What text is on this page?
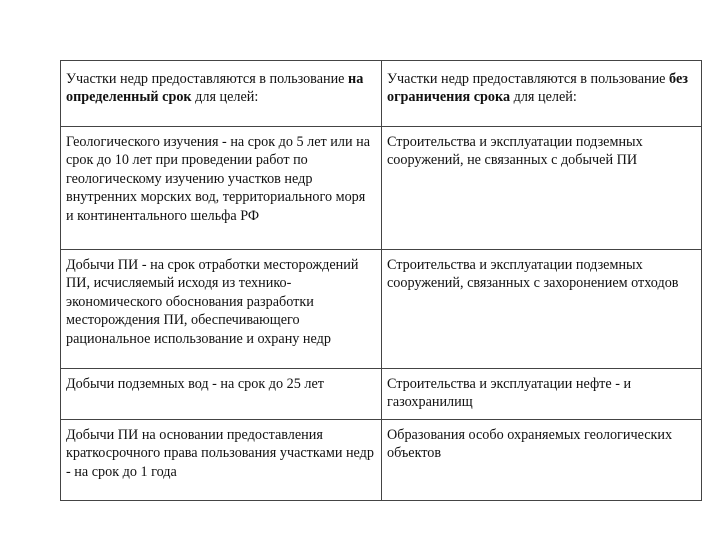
Участки недр предоставляются в пользование на определенный срок для целей:	Участки недр предоставляются в пользование без ограничения срока для целей:
Геологического изучения - на срок до 5 лет или на срок до 10 лет при проведении работ по геологическому изучению участков недр внутренних морских вод, территориального моря и континентального шельфа РФ	Строительства и эксплуатации подземных сооружений, не связанных с добычей ПИ
Добычи ПИ - на срок отработки месторождений ПИ, исчисляемый исходя из технико-экономического обоснования разработки месторождения ПИ, обеспечивающего рациональное использование и охрану недр	Строительства и эксплуатации подземных сооружений, связанных с захоронением отходов
Добычи подземных вод - на срок до 25 лет	Строительства и эксплуатации нефте - и газохранилищ
Добычи ПИ на основании предоставления краткосрочного права пользования участками недр - на срок до 1 года	Образования особо охраняемых геологических объектов
